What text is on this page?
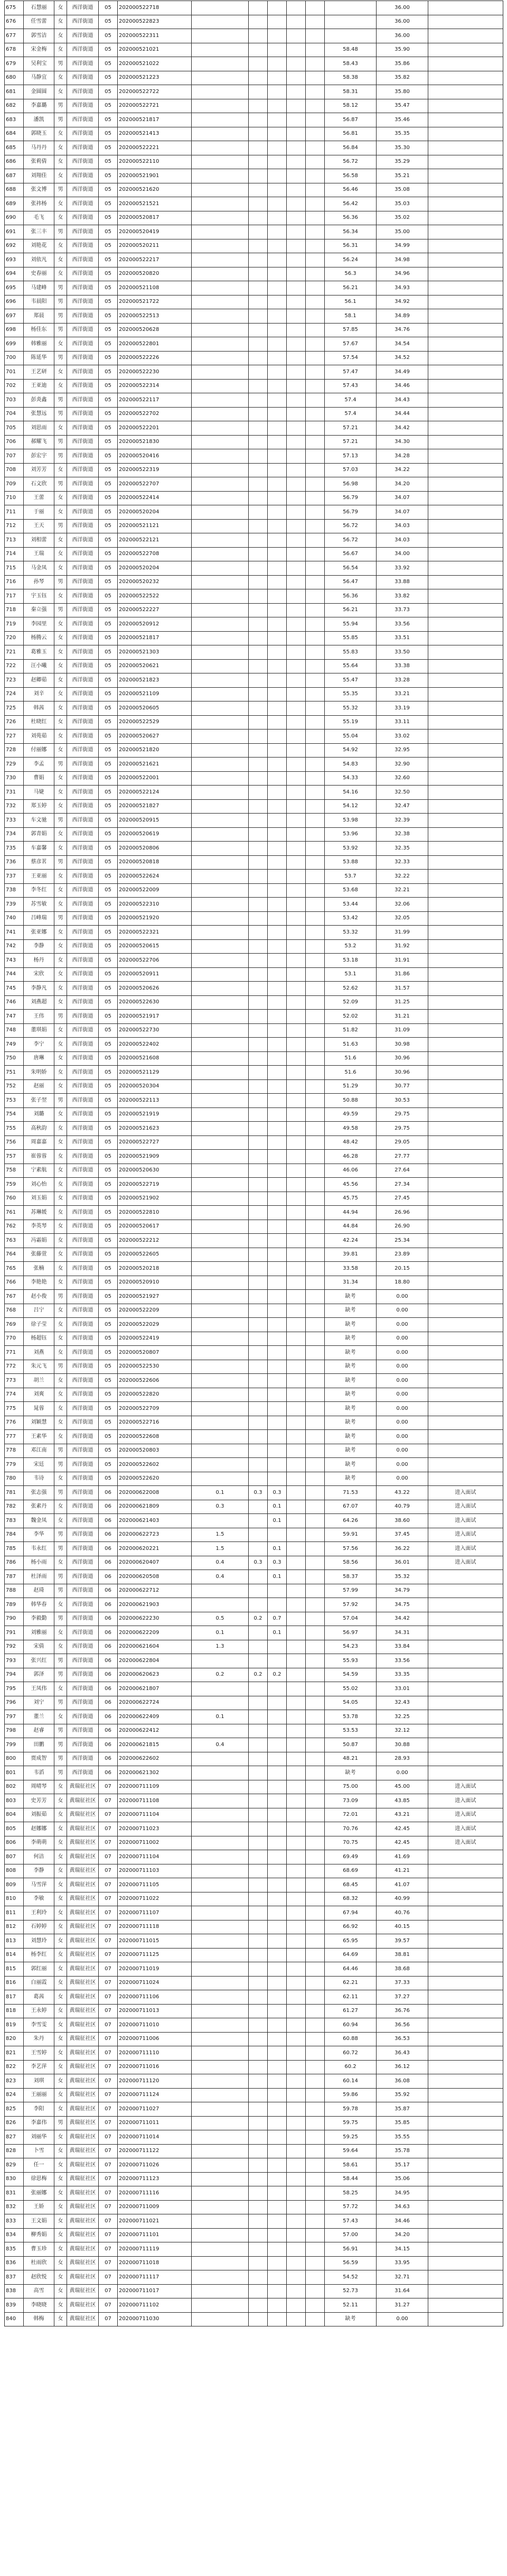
675	石慧丽	女	西洋街道	05	202000522718							36.00	
676	任雪蕾	女	西洋街道	05	202000522823							36.00	
677	郭雪洁	女	西洋街道	05	202000522311							36.00	
678	宋金梅	女	西洋街道	05	202000521021						58.48	35.90	
679	吴利宝	男	西洋街道	05	202000521022						58.43	35.86	
680	马静宜	女	西洋街道	05	202000521223						58.38	35.82	
681	金圆圆	女	西洋街道	05	202000522722						58.31	35.80	
682	李嘉璐	男	西洋街道	05	202000522721						58.12	35.47	
683	潘凯	男	西洋街道	05	202000521817						56.87	35.46	
684	郭晓玉	女	西洋街道	05	202000521413						56.81	35.35	
685	马丹丹	女	西洋街道	05	202000522221						56.84	35.30	
686	张莉倩	女	西洋街道	05	202000522110						56.72	35.29	
687	刘翔佳	女	西洋街道	05	202000521901						56.58	35.21	
688	张文博	男	西洋街道	05	202000521620						56.46	35.08	
689	张祎杨	女	西洋街道	05	202000521521						56.42	35.03	
690	毛飞	女	西洋街道	05	202000520817						56.36	35.02	
691	张三丰	男	西洋街道	05	202000520419						56.34	35.00	
692	刘艳花	女	西洋街道	05	202000520211						56.31	34.99	
693	刘依凡	女	西洋街道	05	202000522217						56.24	34.98	
694	史春丽	女	西洋街道	05	202000520820						56.3	34.96	
695	马建峰	男	西洋街道	05	202000521108						56.21	34.93	
696	韦晨阳	男	西洋街道	05	202000521722						56.1	34.92	
697	郑晨	男	西洋街道	05	202000522513						58.1	34.89	
698	杨佳东	男	西洋街道	05	202000520628						57.85	34.76	
699	韩雅丽	女	西洋街道	05	202000522801						57.67	34.54	
700	陈延华	男	西洋街道	05	202000522226						57.54	34.52	
701	王艺研	女	西洋街道	05	202000522230						57.47	34.49	
702	王亚迪	女	西洋街道	05	202000522314						57.43	34.46	
703	彭炎鑫	男	西洋街道	05	202000522117						57.4	34.43	
704	张慧远	男	西洋街道	05	202000522702						57.4	34.44	
705	刘思雨	女	西洋街道	05	202000522201						57.21	34.42	
706	郝耀飞	男	西洋街道	05	202000521830						57.21	34.30	
707	彭宏宇	男	西洋街道	05	202000520416						57.13	34.28	
708	刘芳芳	女	西洋街道	05	202000522319						57.03	34.22	
709	石文欣	男	西洋街道	05	202000522707						56.98	34.20	
710	王蕾	女	西洋街道	05	202000522414						56.79	34.07	
711	于丽	女	西洋街道	05	202000520204						56.79	34.07	
712	王天	男	西洋街道	05	202000521121						56.72	34.03	
713	刘相蕾	女	西洋街道	05	202000522121						56.72	34.03	
714	王瑞	女	西洋街道	05	202000522708						56.67	34.00	
715	马金凤	女	西洋街道	05	202000520204						56.54	33.92	
716	孙琴	男	西洋街道	05	202000520232						56.47	33.88	
717	宇玉钰	女	西洋街道	05	202000522522						56.36	33.82	
718	秦立强	男	西洋街道	05	202000522227						56.21	33.73	
719	李园里	女	西洋街道	05	202000520912						55.94	33.56	
720	杨腾云	女	西洋街道	05	202000521817						55.85	33.51	
721	葛雅玉	女	西洋街道	05	202000521303						55.83	33.50	
722	汪小曦	女	西洋街道	05	202000520621						55.64	33.38	
723	赵卿茹	女	西洋街道	05	202000521823						55.47	33.28	
724	刘辛	女	西洋街道	05	202000521109						55.35	33.21	
725	韩茜	女	西洋街道	05	202000520605						55.32	33.19	
726	杜晓红	女	西洋街道	05	202000522529						55.19	33.11	
727	刘苑茹	女	西洋街道	05	202000520627						55.04	33.02	
728	付丽娜	女	西洋街道	05	202000521820						54.92	32.95	
729	李孟	男	西洋街道	05	202000521621						54.83	32.90	
730	曹娟	女	西洋街道	05	202000522001						54.33	32.60	
731	马婕	女	西洋街道	05	202000522124						54.16	32.50	
732	郑玉婷	女	西洋街道	05	202000521827						54.12	32.47	
733	车文驰	男	西洋街道	05	202000520915						53.98	32.39	
734	郭青娟	女	西洋街道	05	202000520619						53.96	32.38	
735	车嘉馨	女	西洋街道	05	202000520806						53.92	32.35	
736	蔡彦茗	男	西洋街道	05	202000520818						53.88	32.33	
737	王亚丽	女	西洋街道	05	202000522624						53.7	32.22	
738	李冬红	女	西洋街道	05	202000522009						53.68	32.21	
739	苏雪敏	女	西洋街道	05	202000522310						53.44	32.06	
740	吕峰瑞	男	西洋街道	05	202000521920						53.42	32.05	
741	张亚娜	女	西洋街道	05	202000522321						53.32	31.99	
742	李静	女	西洋街道	05	202000520615						53.2	31.92	
743	杨丹	女	西洋街道	05	202000522706						53.18	31.91	
744	宋欣	女	西洋街道	05	202000520911						53.1	31.86	
745	李静凡	女	西洋街道	05	202000520626						52.62	31.57	
746	刘燕超	女	西洋街道	05	202000522630						52.09	31.25	
747	王伟	男	西洋街道	05	202000521917						52.02	31.21	
748	董琪娟	女	西洋街道	05	202000522730						51.82	31.09	
749	李宁	女	西洋街道	05	202000522402						51.63	30.98	
750	唐琳	女	西洋街道	05	202000521608						51.6	30.96	
751	朱明娇	女	西洋街道	05	202000521129						51.6	30.96	
752	赵丽	女	西洋街道	05	202000520304						51.29	30.77	
753	张子翌	男	西洋街道	05	202000522113						50.88	30.53	
754	刘璐	女	西洋街道	05	202000521919						49.59	29.75	
755	高秋韵	女	西洋街道	05	202000521623						49.58	29.75	
756	周嘉嘉	女	西洋街道	05	202000522727						48.42	29.05	
757	崔蓉蓉	女	西洋街道	05	202000521909						46.28	27.77	
758	宁素航	女	西洋街道	05	202000520630						46.06	27.64	
759	刘心怡	女	西洋街道	05	202000522719						45.56	27.34	
760	刘玉娟	女	西洋街道	05	202000521902						45.75	27.45	
761	苏琳媛	女	西洋街道	05	202000522810						44.94	26.96	
762	李英琴	女	西洋街道	05	202000520617						44.84	26.90	
763	冯霜娟	女	西洋街道	05	202000522212						42.24	25.34	
764	张藤萱	女	西洋街道	05	202000522605						39.81	23.89	
765	张楠	女	西洋街道	05	202000520218						33.58	20.15	
766	李艳艳	女	西洋街道	05	202000520910						31.34	18.80	
767	赵小俊	男	西洋街道	05	202000521927						缺考	0.00	
768	吕宁	女	西洋街道	05	202000522209						缺考	0.00	
769	徐子莹	女	西洋街道	05	202000522029						缺考	0.00	
770	杨超钰	女	西洋街道	05	202000522419						缺考	0.00	
771	刘燕	女	西洋街道	05	202000520807						缺考	0.00	
772	朱元飞	男	西洋街道	05	202000522530						缺考	0.00	
773	胡兰	女	西洋街道	05	202000522606						缺考	0.00	
774	刘爽	女	西洋街道	05	202000522820						缺考	0.00	
775	晁蓉	女	西洋街道	05	202000522709						缺考	0.00	
776	刘颖慧	女	西洋街道	05	202000522716						缺考	0.00	
777	王素华	女	西洋街道	05	202000522608						缺考	0.00	
778	邓江南	男	西洋街道	05	202000520803						缺考	0.00	
779	宋廷	男	西洋街道	05	202000522602						缺考	0.00	
780	韦诗	女	西洋街道	05	202000522620						缺考	0.00	
781	张志强	男	西洋街道	06	202000622008	0.1	0.3	0.3			71.53	43.22	进入面试
782	张素丹	女	西洋街道	06	202000621809	0.3		0.1			67.07	40.79	进入面试
783	魏金凤	女	西洋街道	06	202000621403			0.1			64.26	38.60	进入面试
784	李华	男	西洋街道	06	202000622723	1.5					59.91	37.45	进入面试
785	韦永红	男	西洋街道	06	202000620221	1.5		0.1			57.56	36.22	进入面试
786	杨小雨	女	西洋街道	06	202000620407	0.4	0.3	0.3			58.56	36.01	进入面试
787	杜泽雨	男	西洋街道	06	202000620508	0.4		0.1			58.37	35.32	
788	赵琦	男	西洋街道	06	202000622712						57.99	34.79	
789	韩华春	女	西洋街道	06	202000621903						57.92	34.75	
790	李毅勤	男	西洋街道	06	202000622230	0.5	0.2	0.7			57.04	34.42	
791	刘雅丽	女	西洋街道	06	202000622209	0.1		0.1			56.97	34.31	
792	宋倩	女	西洋街道	06	202000621604	1.3					54.23	33.84	
793	张兴红	男	西洋街道	06	202000622804						55.93	33.56	
794	郭泽	男	西洋街道	06	202000620623	0.2	0.2	0.2			54.59	33.35	
795	王凤伟	女	西洋街道	06	202000621807						55.02	33.01	
796	刘宁	男	西洋街道	06	202000622724						54.05	32.43	
797	董兰	女	西洋街道	06	202000622409	0.1					53.78	32.25	
798	赵睿	男	西洋街道	06	202000622412						53.53	32.12	
799	田鹏	男	西洋街道	06	202000621815	0.4					50.87	30.88	
800	贾成智	男	西洋街道	06	202000622602						48.21	28.93	
801	韦滔	男	西洋街道	06	202000621302						缺考	0.00	
802	周晴琴	女	黄瑞征社区	07	202000711109						75.00	45.00	进入面试
803	史芳芳	女	黄瑞征社区	07	202000711108						73.09	43.85	进入面试
804	刘振茹	女	黄瑞征社区	07	202000711104						72.01	43.21	进入面试
805	赵娜娜	女	黄瑞征社区	07	202000711023						70.76	42.45	进入面试
806	李萌萌	女	黄瑞征社区	07	202000711002						70.75	42.45	进入面试
807	何洁	女	黄瑞征社区	07	202000711104						69.49	41.69	
808	李静	女	黄瑞征社区	07	202000711103						68.69	41.21	
809	马雪萍	女	黄瑞征社区	07	202000711105						68.45	41.07	
810	李敏	女	黄瑞征社区	07	202000711022						68.32	40.99	
811	王利玲	女	黄瑞征社区	07	202000711107						67.94	40.76	
812	石婷婷	女	黄瑞征社区	07	202000711118						66.92	40.15	
813	刘慧玲	女	黄瑞征社区	07	202000711015						65.95	39.57	
814	杨李红	女	黄瑞征社区	07	202000711125						64.69	38.81	
815	郭红丽	女	黄瑞征社区	07	202000711019						64.46	38.68	
816	白丽霞	女	黄瑞征社区	07	202000711024						62.21	37.33	
817	葛茜	女	黄瑞征社区	07	202000711106						62.11	37.27	
818	王永婷	女	黄瑞征社区	07	202000711013						61.27	36.76	
819	李雪雯	女	黄瑞征社区	07	202000711010						60.94	36.56	
820	朱丹	女	黄瑞征社区	07	202000711006						60.88	36.53	
821	王雪婷	女	黄瑞征社区	07	202000711110						60.72	36.43	
822	李艺萍	女	黄瑞征社区	07	202000711016						60.2	36.12	
823	刘琪	女	黄瑞征社区	07	202000711120						60.14	36.08	
824	王丽丽	女	黄瑞征社区	07	202000711124						59.86	35.92	
825	李阳	女	黄瑞征社区	07	202000711027						59.78	35.87	
826	李嘉伟	男	黄瑞征社区	07	202000711011						59.75	35.85	
827	刘丽华	女	黄瑞征社区	07	202000711014						59.25	35.55	
828	卜雪	女	黄瑞征社区	07	202000711122						59.64	35.78	
829	任一	女	黄瑞征社区	07	202000711026						58.61	35.17	
830	徐思梅	女	黄瑞征社区	07	202000711123						58.44	35.06	
831	张丽娜	女	黄瑞征社区	07	202000711116						58.25	34.95	
832	王娇	女	黄瑞征社区	07	202000711009						57.72	34.63	
833	王文娟	女	黄瑞征社区	07	202000711021						57.43	34.46	
834	柳秀娟	女	黄瑞征社区	07	202000711101						57.00	34.20	
835	曹玉珍	女	黄瑞征社区	07	202000711119						56.91	34.15	
836	杜雨欣	女	黄瑞征社区	07	202000711018						56.59	33.95	
837	赵欣悦	女	黄瑞征社区	07	202000711117						54.52	32.71	
838	高雪	女	黄瑞征社区	07	202000711017						52.73	31.64	
839	李晓晓	女	黄瑞征社区	07	202000711102						52.11	31.27	
840	韩梅	女	黄瑞征社区	07	202000711030						缺考	0.00	
